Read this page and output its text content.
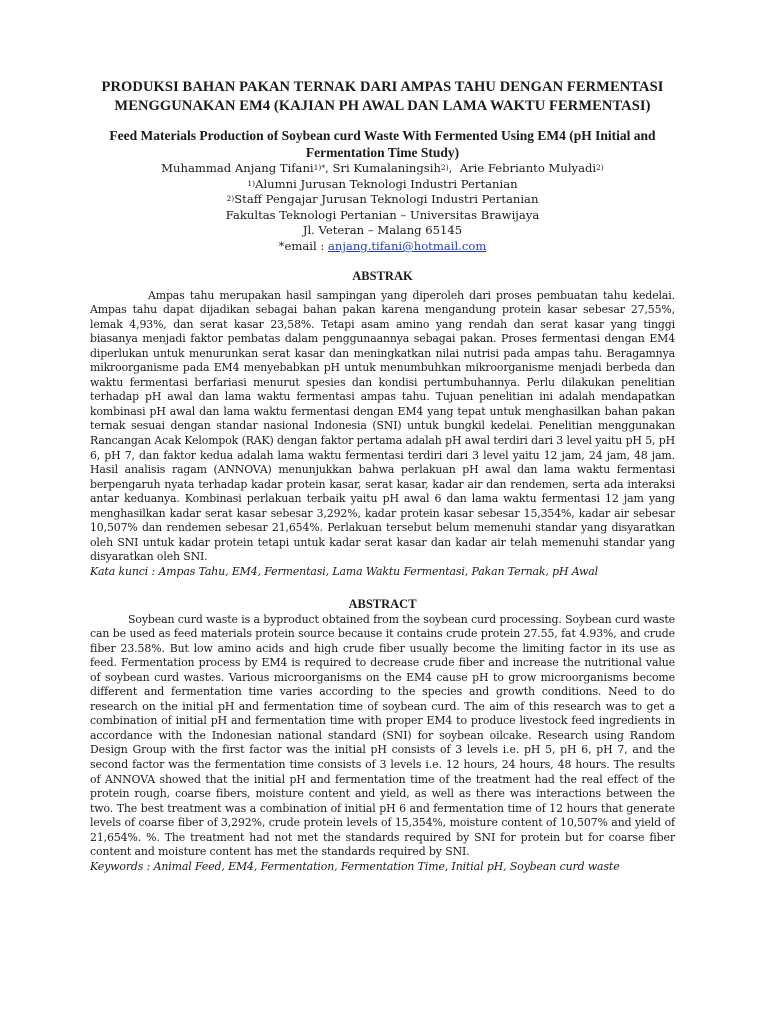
PRODUKSI BAHAN PAKAN TERNAK DARI AMPAS TAHU DENGAN FERMENTASI MENGGUNAKAN EM4 (KAJIAN PH AWAL DAN LAMA WAKTU FERMENTASI)

Feed Materials Production of Soybean curd Waste With Fermented Using EM4 (pH Initial and Fermentation Time Study)

Muhammad Anjang Tifani$^{1)*}$, Sri Kumalaningsih$^{2)}$,  Arie Febrianto Mulyadi$^{2)}$

$^{1)}$Alumni Jurusan Teknologi Industri Pertanian

$^{2)}$Staff Pengajar Jurusan Teknologi Industri Pertanian

Fakultas Teknologi Pertanian – Universitas Brawijaya

Jl. Veteran – Malang 65145

*email : anjang.tifani@hotmail.com

ABSTRAK

Ampas tahu merupakan hasil sampingan yang diperoleh dari proses pembuatan tahu kedelai. Ampas tahu dapat dijadikan sebagai bahan pakan karena mengandung protein kasar sebesar 27,55%, lemak 4,93%, dan serat kasar 23,58%. Tetapi asam amino yang rendah dan serat kasar yang tinggi biasanya menjadi faktor pembatas dalam penggunaannya sebagai pakan. Proses fermentasi dengan EM4 diperlukan untuk menurunkan serat kasar dan meningkatkan nilai nutrisi pada ampas tahu. Beragamnya mikroorganisme pada EM4 menyebabkan pH untuk menumbuhkan mikroorganisme menjadi berbeda dan waktu fermentasi berfariasi menurut spesies dan kondisi pertumbuhannya. Perlu dilakukan penelitian terhadap pH awal dan lama waktu fermentasi ampas tahu. Tujuan penelitian ini adalah mendapatkan kombinasi pH awal dan lama waktu fermentasi dengan EM4 yang tepat untuk menghasilkan bahan pakan ternak sesuai dengan standar nasional Indonesia (SNI) untuk bungkil kedelai. Penelitian menggunakan Rancangan Acak Kelompok (RAK) dengan faktor pertama adalah pH awal terdiri dari 3 level yaitu pH 5, pH 6, pH 7, dan faktor kedua adalah lama waktu fermentasi terdiri dari 3 level yaitu 12 jam, 24 jam, 48 jam. Hasil analisis ragam (ANNOVA) menunjukkan bahwa perlakuan pH awal dan lama waktu fermentasi berpengaruh nyata terhadap kadar protein kasar, serat kasar, kadar air dan rendemen, serta ada interaksi antar keduanya. Kombinasi perlakuan terbaik yaitu pH awal 6 dan lama waktu fermentasi 12 jam yang menghasilkan kadar serat kasar sebesar 3,292%, kadar protein kasar sebesar 15,354%, kadar air sebesar 10,507% dan rendemen sebesar 21,654%. Perlakuan tersebut belum memenuhi standar yang disyaratkan oleh SNI untuk kadar protein tetapi untuk kadar serat kasar dan kadar air telah memenuhi standar yang disyaratkan oleh SNI.

Kata kunci : Ampas Tahu, EM4, Fermentasi, Lama Waktu Fermentasi, Pakan Ternak, pH Awal

ABSTRACT

Soybean curd waste is a byproduct obtained from the soybean curd processing. Soybean curd waste can be used as feed materials protein source because it contains crude protein 27.55, fat 4.93%, and crude fiber 23.58%. But low amino acids and high crude fiber usually become the limiting factor in its use as feed. Fermentation process by EM4 is required to decrease crude fiber and increase the nutritional value of soybean curd wastes. Various microorganisms on the EM4 cause pH to grow microorganisms become different and fermentation time varies according to the species and growth conditions. Need to do research on the initial pH and fermentation time of soybean curd. The aim of this research was to get a combination of initial pH and fermentation time with proper EM4 to produce livestock feed ingredients in accordance with the Indonesian national standard (SNI) for soybean oilcake. Research using Random Design Group with the first factor was the initial pH consists of 3 levels i.e. pH 5, pH 6, pH 7, and the second factor was the fermentation time consists of 3 levels i.e. 12 hours, 24 hours, 48 hours. The results of ANNOVA showed that the initial pH and fermentation time of the treatment had the real effect of the protein rough, coarse fibers, moisture content and yield, as well as there was interactions between the two. The best treatment was a combination of initial pH 6 and fermentation time of 12 hours that generate levels of coarse fiber of 3,292%, crude protein levels of 15,354%, moisture content of 10,507% and yield of 21,654%. %. The treatment had not met the standards required by SNI for protein but for coarse fiber content and moisture content has met the standards required by SNI.

Keywords : Animal Feed, EM4, Fermentation, Fermentation Time, Initial pH, Soybean curd waste
